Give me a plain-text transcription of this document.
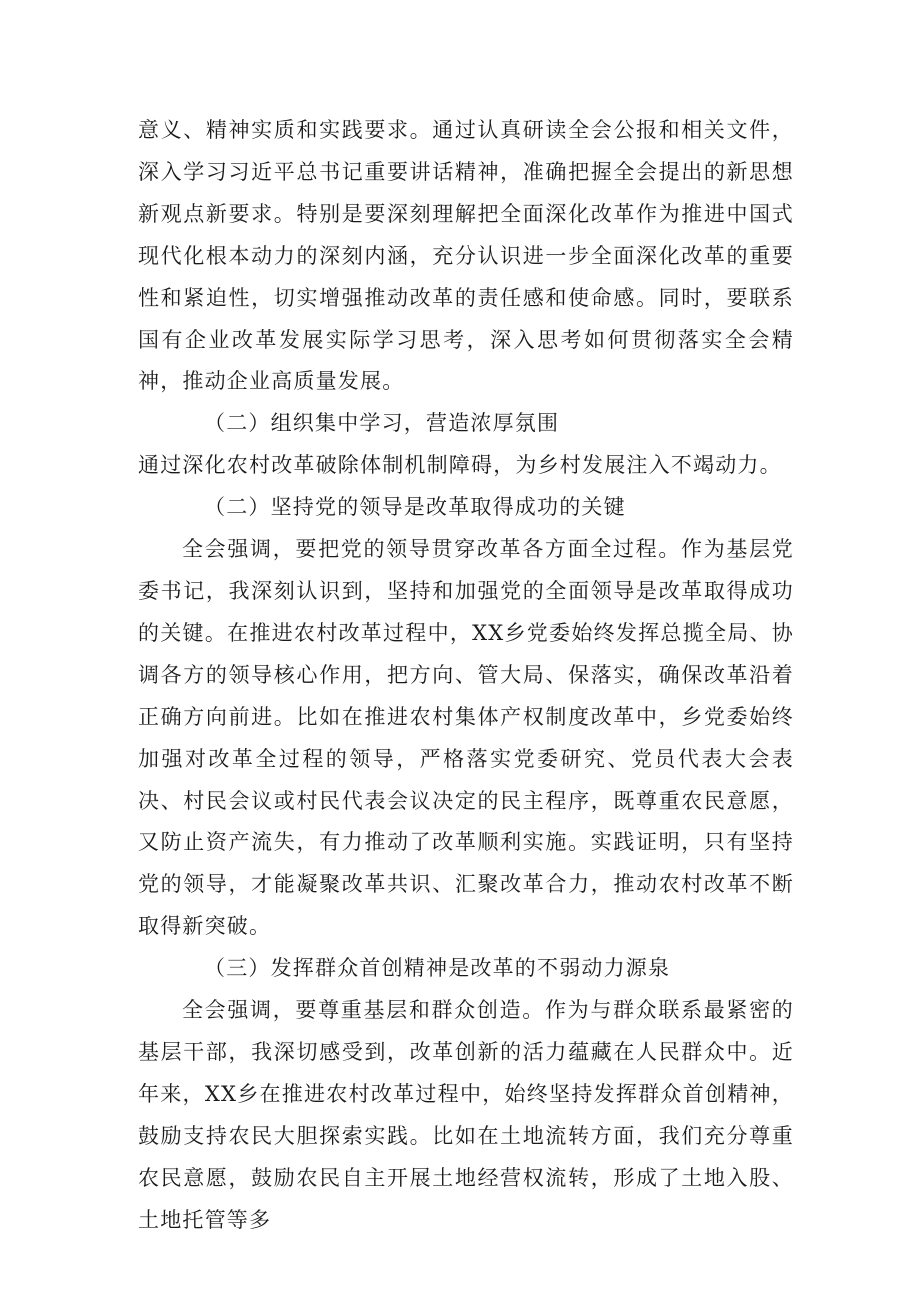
意义、精神实质和实践要求。通过认真研读全会公报和相关文件，深入学习习近平总书记重要讲话精神，准确把握全会提出的新思想新观点新要求。特别是要深刻理解把全面深化改革作为推进中国式现代化根本动力的深刻内涵，充分认识进一步全面深化改革的重要性和紧迫性，切实增强推动改革的责任感和使命感。同时，要联系国有企业改革发展实际学习思考，深入思考如何贯彻落实全会精神，推动企业高质量发展。

（二）组织集中学习，营造浓厚氛围

通过深化农村改革破除体制机制障碍，为乡村发展注入不竭动力。

（二）坚持党的领导是改革取得成功的关键

全会强调，要把党的领导贯穿改革各方面全过程。作为基层党委书记，我深刻认识到，坚持和加强党的全面领导是改革取得成功的关键。在推进农村改革过程中，XX乡党委始终发挥总揽全局、协调各方的领导核心作用，把方向、管大局、保落实，确保改革沿着正确方向前进。比如在推进农村集体产权制度改革中，乡党委始终加强对改革全过程的领导，严格落实党委研究、党员代表大会表决、村民会议或村民代表会议决定的民主程序，既尊重农民意愿，又防止资产流失，有力推动了改革顺利实施。实践证明，只有坚持党的领导，才能凝聚改革共识、汇聚改革合力，推动农村改革不断取得新突破。

（三）发挥群众首创精神是改革的不弱动力源泉

全会强调，要尊重基层和群众创造。作为与群众联系最紧密的基层干部，我深切感受到，改革创新的活力蕴藏在人民群众中。近年来，XX乡在推进农村改革过程中，始终坚持发挥群众首创精神，鼓励支持农民大胆探索实践。比如在土地流转方面，我们充分尊重农民意愿，鼓励农民自主开展土地经营权流转，形成了土地入股、土地托管等多
